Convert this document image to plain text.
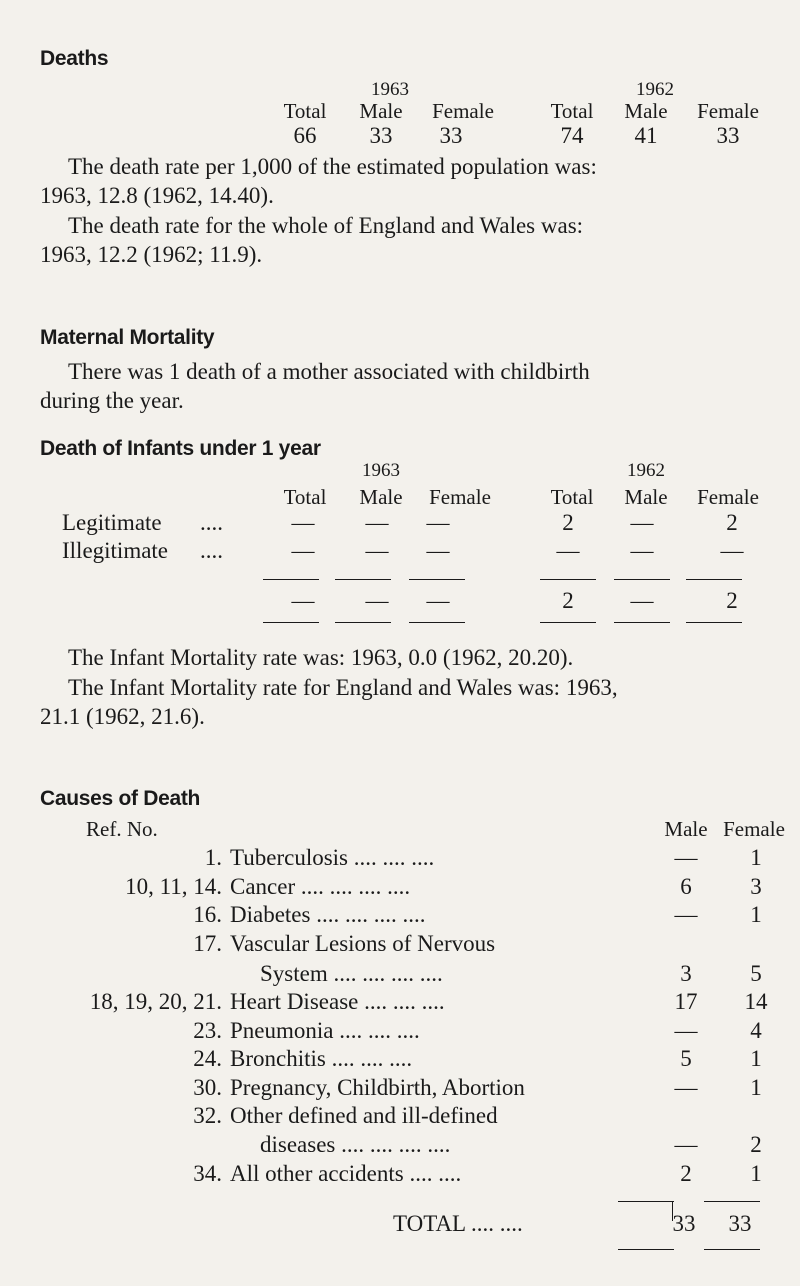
Deaths
1963	1962
Total	Male	Female	Total	Male	Female
66	33	33	74	41	33
The death rate per 1,000 of the estimated population was:
1963, 12.8 (1962, 14.40).
The death rate for the whole of England and Wales was:
1963, 12.2 (1962; 11.9).
Maternal Mortality
There was 1 death of a mother associated with childbirth
during the year.
Death of Infants under 1 year
1963	1962
Total	Male	Female	Total	Male	Female
Legitimate ....	—	—	—	2	—	2
Illegitimate ....	—	—	—	—	—	—
—	—	—	2	—	2
The Infant Mortality rate was: 1963, 0.0 (1962, 20.20).
The Infant Mortality rate for England and Wales was: 1963,
21.1 (1962, 21.6).
Causes of Death
Ref. No.	Male Female
1. Tuberculosis .... .... ....	—	1
10, 11, 14. Cancer .... .... .... ....	6	3
16. Diabetes .... .... .... ....	—	1
17. Vascular Lesions of Nervous
System .... .... .... ....	3	5
18, 19, 20, 21. Heart Disease .... .... ....	17	14
23. Pneumonia .... .... ....	—	4
24. Bronchitis .... .... ....	5	1
30. Pregnancy, Childbirth, Abortion	—	1
32. Other defined and ill-defined
diseases .... .... .... ....	—	2
34. All other accidents .... ....	2	1
TOTAL .... ....	33	33
